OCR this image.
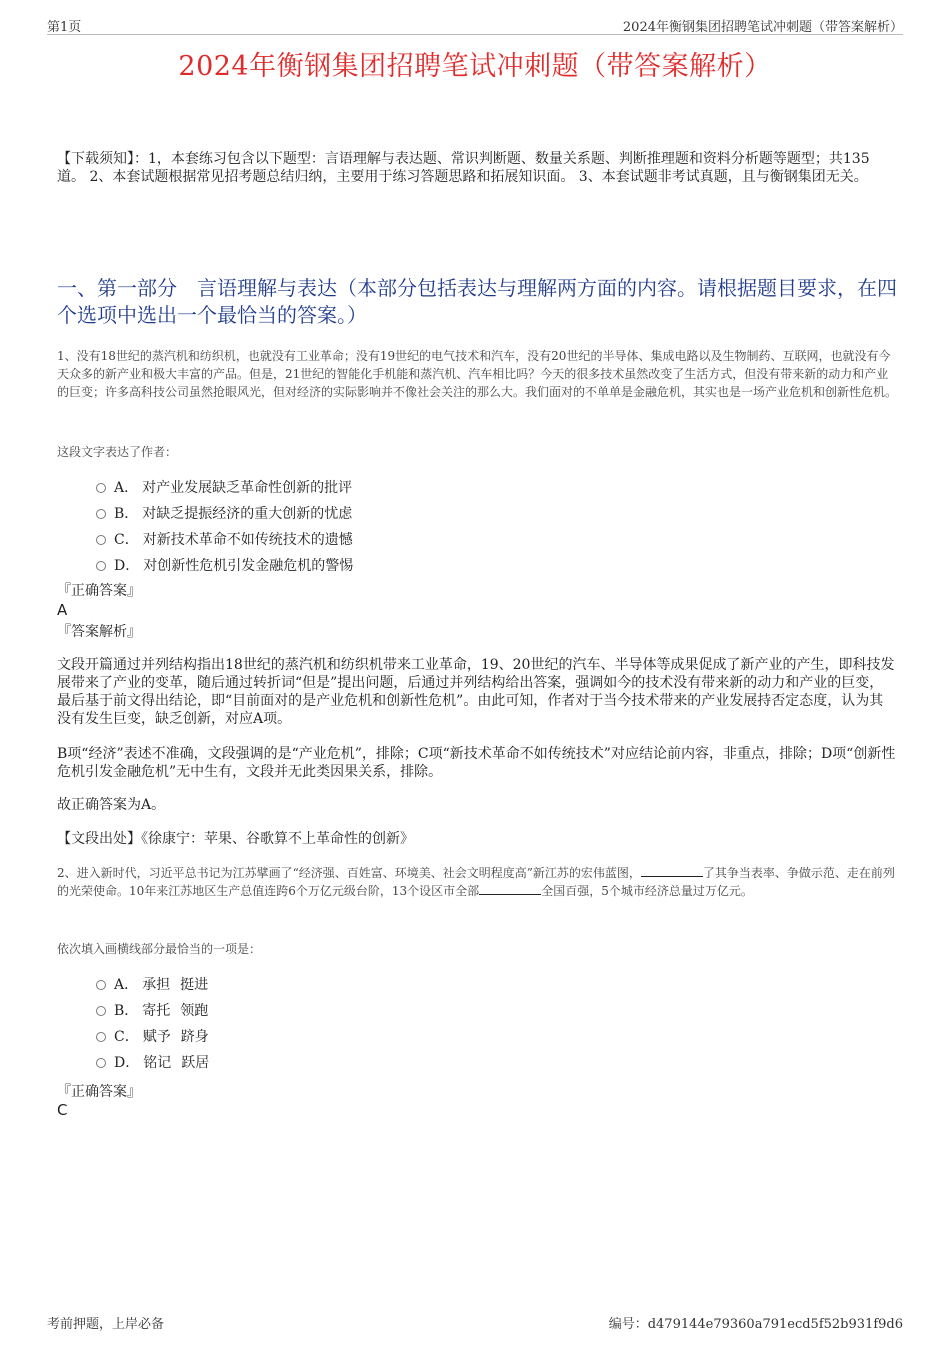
第1页	2024年衡钢集团招聘笔试冲刺题（带答案解析）
2024年衡钢集团招聘笔试冲刺题（带答案解析）
【下载须知】：1，本套练习包含以下题型：言语理解与表达题、常识判断题、数量关系题、判断推理题和资料分析题等题型；共135道。 2、本套试题根据常见招考题总结归纳，主要用于练习答题思路和拓展知识面。 3、本套试题非考试真题，且与衡钢集团无关。
一、第一部分　言语理解与表达（本部分包括表达与理解两方面的内容。请根据题目要求，在四个选项中选出一个最恰当的答案。）
1、没有18世纪的蒸汽机和纺织机，也就没有工业革命；没有19世纪的电气技术和汽车，没有20世纪的半导体、集成电路以及生物制药、互联网，也就没有今天众多的新产业和极大丰富的产品。但是，21世纪的智能化手机能和蒸汽机、汽车相比吗？今天的很多技术虽然改变了生活方式，但没有带来新的动力和产业的巨变；许多高科技公司虽然抢眼风光，但对经济的实际影响并不像社会关注的那么大。我们面对的不单单是金融危机，其实也是一场产业危机和创新性危机。
这段文字表达了作者：
A． 对产业发展缺乏革命性创新的批评
B． 对缺乏提振经济的重大创新的忧虑
C． 对新技术革命不如传统技术的遗憾
D． 对创新性危机引发金融危机的警惕
『正确答案』
A
『答案解析』
文段开篇通过并列结构指出18世纪的蒸汽机和纺织机带来工业革命，19、20世纪的汽车、半导体等成果促成了新产业的产生，即科技发展带来了产业的变革，随后通过转折词“但是”提出问题，后通过并列结构给出答案，强调如今的技术没有带来新的动力和产业的巨变，最后基于前文得出结论，即“目前面对的是产业危机和创新性危机”。由此可知，作者对于当今技术带来的产业发展持否定态度，认为其没有发生巨变，缺乏创新，对应A项。
B项“经济”表述不准确，文段强调的是“产业危机”，排除；C项“新技术革命不如传统技术”对应结论前内容，非重点，排除；D项“创新性危机引发金融危机”无中生有，文段并无此类因果关系，排除。
故正确答案为A。
【文段出处】《徐康宁：苹果、谷歌算不上革命性的创新》
2、进入新时代，习近平总书记为江苏擘画了“经济强、百姓富、环境美、社会文明程度高”新江苏的宏伟蓝图，	了其争当表率、争做示范、走在前列的光荣使命。10年来江苏地区生产总值连跨6个万亿元级台阶，13个设区市全部	全国百强，5个城市经济总量过万亿元。
依次填入画横线部分最恰当的一项是：
A． 承担 挺进
B． 寄托 领跑
C． 赋予 跻身
D． 铭记 跃居
『正确答案』
C
考前押题，上岸必备	编号：d479144e79360a791ecd5f52b931f9d6
